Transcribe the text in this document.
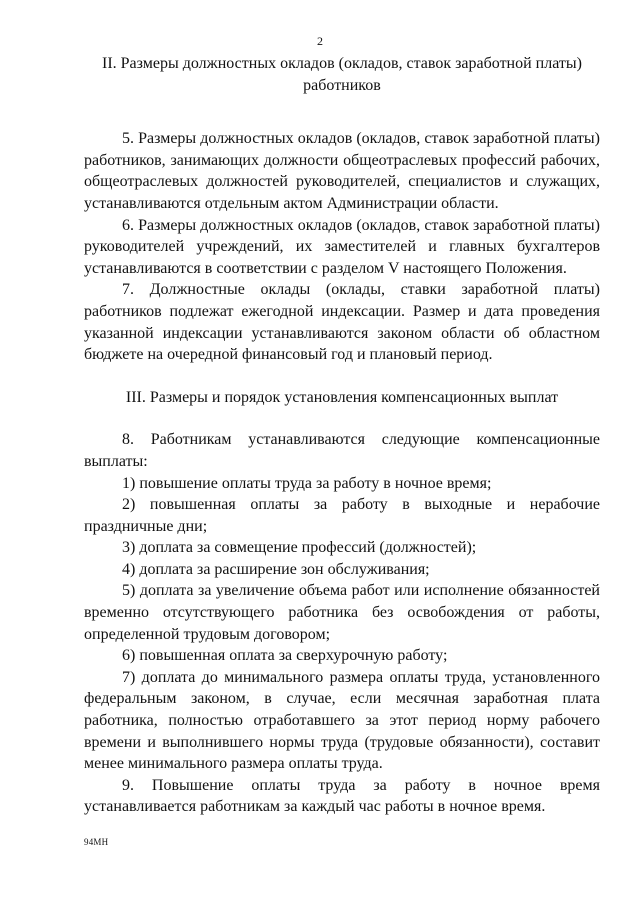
2
II. Размеры должностных окладов (окладов, ставок заработной платы)
работников

5. Размеры должностных окладов (окладов, ставок заработной платы) работников, занимающих должности общеотраслевых профессий рабочих, общеотраслевых должностей руководителей, специалистов и служащих, устанавливаются отдельным актом Администрации области.

6. Размеры должностных окладов (окладов, ставок заработной платы) руководителей учреждений, их заместителей и главных бухгалтеров устанавливаются в соответствии с разделом V настоящего Положения.

7. Должностные оклады (оклады, ставки заработной платы) работников подлежат ежегодной индексации. Размер и дата проведения указанной индексации устанавливаются законом области об областном бюджете на очередной финансовый год и плановый период.

III. Размеры и порядок установления компенсационных выплат

8. Работникам устанавливаются следующие компенсационные выплаты:

1) повышение оплаты труда за работу в ночное время;

2) повышенная оплаты за работу в выходные и нерабочие праздничные дни;

3) доплата за совмещение профессий (должностей);

4) доплата за расширение зон обслуживания;

5) доплата за увеличение объема работ или исполнение обязанностей временно отсутствующего работника без освобождения от работы, определенной трудовым договором;

6) повышенная оплата за сверхурочную работу;

7) доплата до минимального размера оплаты труда, установленного федеральным законом, в случае, если месячная заработная плата работника, полностью отработавшего за этот период норму рабочего времени и выполнившего нормы труда (трудовые обязанности), составит менее минимального размера оплаты труда.

9. Повышение оплаты труда за работу в ночное время устанавливается работникам за каждый час работы в ночное время.

94МН
